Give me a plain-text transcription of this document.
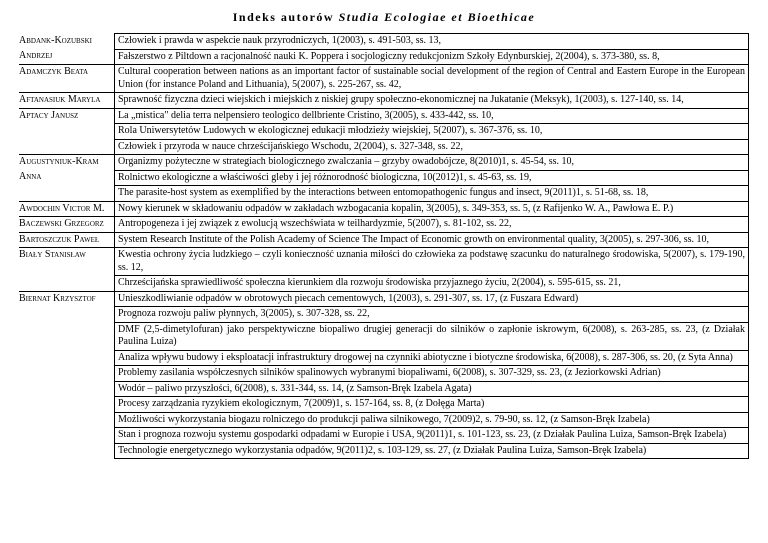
Indeks autorów Studia Ecologiae et Bioethicae
Abdank-Kozubski	Człowiek i prawda w aspekcie nauk przyrodniczych, 1(2003), s. 491-503, ss. 13,
Andrzej	Fałszerstwo z Piltdown a racjonalność nauki K. Poppera i socjologiczny redukcjonizm Szkoły Edynburskiej, 2(2004), s. 373-380, ss. 8,
Adamczyk Beata	Cultural cooperation between nations as an important factor of sustainable social development of the region of Central and Eastern Europe in the European Union (for instance Poland and Lithuania), 5(2007), s. 225-267, ss. 42,
Aftanasiuk Maryla	Sprawność fizyczna dzieci wiejskich i miejskich z niskiej grupy społeczno-ekonomicznej na Jukatanie (Meksyk), 1(2003), s. 127-140, ss. 14,
Aptacy Janusz	La „mistica" delia terra nelpensiero teologico dellbriente Cristino, 3(2005), s. 433-442, ss. 10,
	Rola Uniwersytetów Ludowych w ekologicznej edukacji młodzieży wiejskiej, 5(2007), s. 367-376, ss. 10,
	Człowiek i przyroda w nauce chrześcijańskiego Wschodu, 2(2004), s. 327-348, ss. 22,
Augustyniuk-Kram	Organizmy pożyteczne w strategiach biologicznego zwalczania – grzyby owadobójcze, 8(2010)1, s. 45-54, ss. 10,
Anna	Rolnictwo ekologiczne a właściwości gleby i jej różnorodność biologiczna, 10(2012)1, s. 45-63, ss. 19,
	The parasite-host system as exemplified by the interactions between entomopathogenic fungus and insect, 9(2011)1, s. 51-68, ss. 18,
Awdochin Victor M.	Nowy kierunek w składowaniu odpadów w zakładach wzbogacania kopalin, 3(2005), s. 349-353, ss. 5, (z Rafijenko W. A., Pawłowa E. P.)
Baczewski Grzegorz	Antropogeneza i jej związek z ewolucją wszechświata w teilhardyzmie, 5(2007), s. 81-102, ss. 22,
Bartoszczuk Paweł	System Research Institute of the Polish Academy of Science The Impact of Economic growth on environmental quality, 3(2005), s. 297-306, ss. 10,
Biały Stanisław	Kwestia ochrony życia ludzkiego – czyli konieczność uznania miłości do człowieka za podstawę szacunku do naturalnego środowiska, 5(2007), s. 179-190, ss. 12,
	Chrześcijańska sprawiedliwość społeczna kierunkiem dla rozwoju środowiska przyjaznego życiu, 2(2004), s. 595-615, ss. 21,
Biernat Krzysztof	Unieszkodliwianie odpadów w obrotowych piecach cementowych, 1(2003), s. 291-307, ss. 17, (z Fuszara Edward)
	Prognoza rozwoju paliw płynnych, 3(2005), s. 307-328, ss. 22,
	DMF (2,5-dimetylofuran) jako perspektywiczne biopaliwo drugiej generacji do silników o zapłonie iskrowym, 6(2008), s. 263-285, ss. 23, (z Działak Paulina Luiza)
	Analiza wpływu budowy i eksploatacji infrastruktury drogowej na czynniki abiotyczne i biotyczne środowiska, 6(2008), s. 287-306, ss. 20, (z Syta Anna)
	Problemy zasilania współczesnych silników spalinowych wybranymi biopaliwami, 6(2008), s. 307-329, ss. 23, (z Jeziorkowski Adrian)
	Wodór – paliwo przyszłości, 6(2008), s. 331-344, ss. 14, (z Samson-Bręk Izabela Agata)
	Procesy zarządzania ryzykiem ekologicznym, 7(2009)1, s. 157-164, ss. 8, (z Dołęga Marta)
	Możliwości wykorzystania biogazu rolniczego do produkcji paliwa silnikowego, 7(2009)2, s. 79-90, ss. 12, (z Samson-Bręk Izabela)
	Stan i prognoza rozwoju systemu gospodarki odpadami w Europie i USA, 9(2011)1, s. 101-123, ss. 23, (z Działak Paulina Luiza, Samson-Bręk Izabela)
	Technologie energetycznego wykorzystania odpadów, 9(2011)2, s. 103-129, ss. 27, (z Działak Paulina Luiza, Samson-Bręk Izabela)
